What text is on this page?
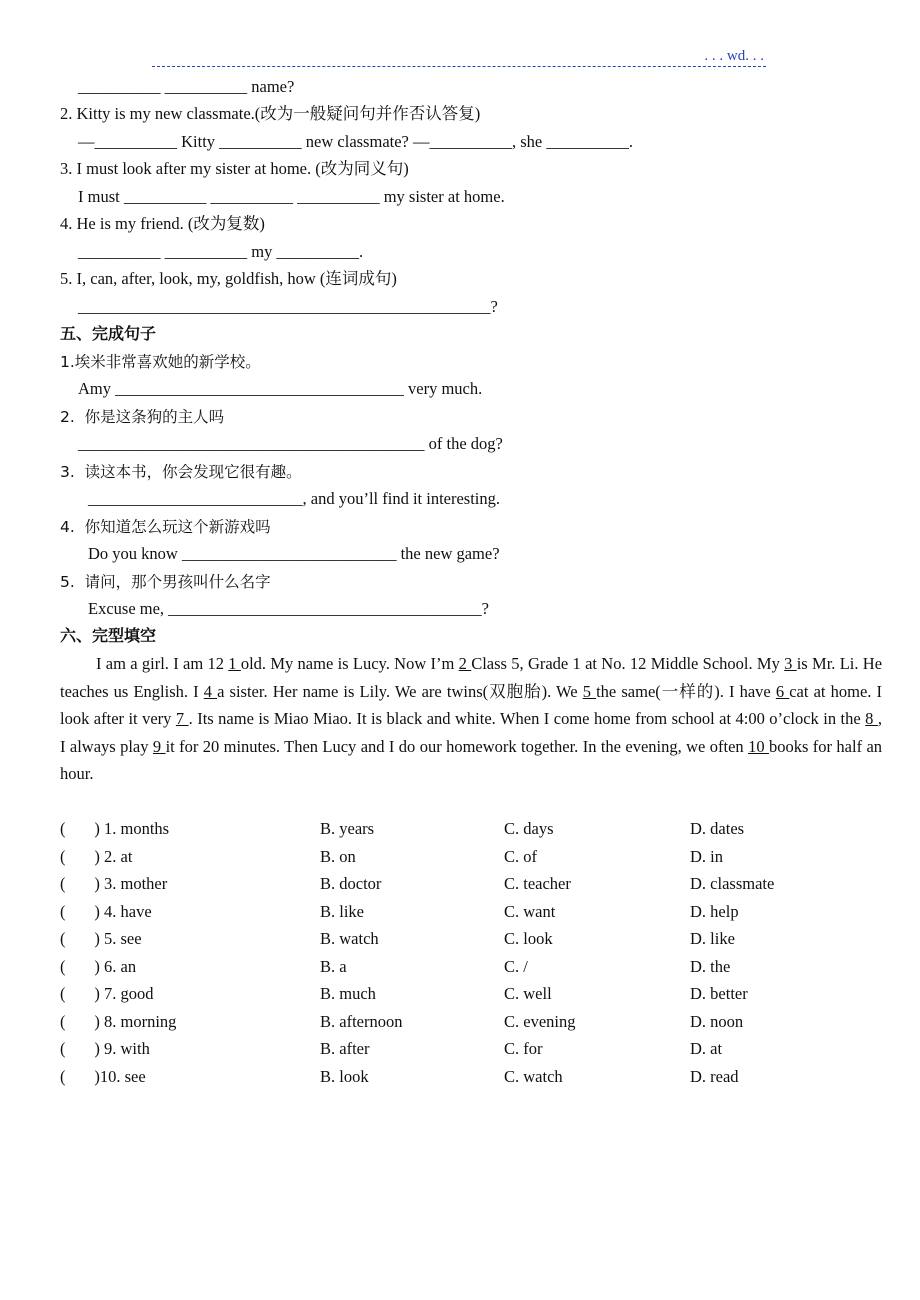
. . . wd. . .
__________ __________ name?
2. Kitty is my new classmate.(改为一般疑问句并作否认答复)
—__________ Kitty __________ new classmate? —__________, she __________.
3. I must look after my sister at home. (改为同义句)
I must __________ __________ __________ my sister at home.
4. He is my friend. (改为复数)
__________ __________ my __________.
5. I, can, after, look, my, goldfish, how (连词成句)
__________________________________________________?
五、完成句子
1.埃米非常喜欢她的新学校。
Amy ___________________________________ very much.
2.  你是这条狗的主人吗
__________________________________________ of the dog?
3.  读这本书，你会发现它很有趣。
__________________________, and you’ll find it interesting.
4.  你知道怎么玩这个新游戏吗
Do you know __________________________ the new game?
5.  请问，那个男孩叫什么名字
Excuse me, ______________________________________?
六、完型填空
I am a girl. I am 12 1 old. My name is Lucy. Now I’m 2 Class 5, Grade 1 at No. 12 Middle School. My 3 is Mr. Li. He teaches us English. I 4 a sister. Her name is Lily. We are twins(双胞胎). We 5 the same(一样的). I have 6 cat at home. I look after it very 7 . Its name is Miao Miao. It is black and white. When I come home from school at 4:00 o’clock in the 8 , I always play 9 it for 20 minutes. Then Lucy and I do our homework together. In the evening, we often 10 books for half an hour.
(       ) 1. months	B. years	C. days	D. dates
(       ) 2. at	B. on	C. of	D. in
(       ) 3. mother	B. doctor	C. teacher	D. classmate
(       ) 4. have	B. like	C. want	D. help
(       ) 5. see	B. watch	C. look	D. like
(       ) 6. an	B. a	C. /	D. the
(       ) 7. good	B. much	C. well	D. better
(       ) 8. morning	B. afternoon	C. evening	D. noon
(       ) 9. with	B. after	C. for	D. at
(       )10. see	B. look	C. watch	D. read
